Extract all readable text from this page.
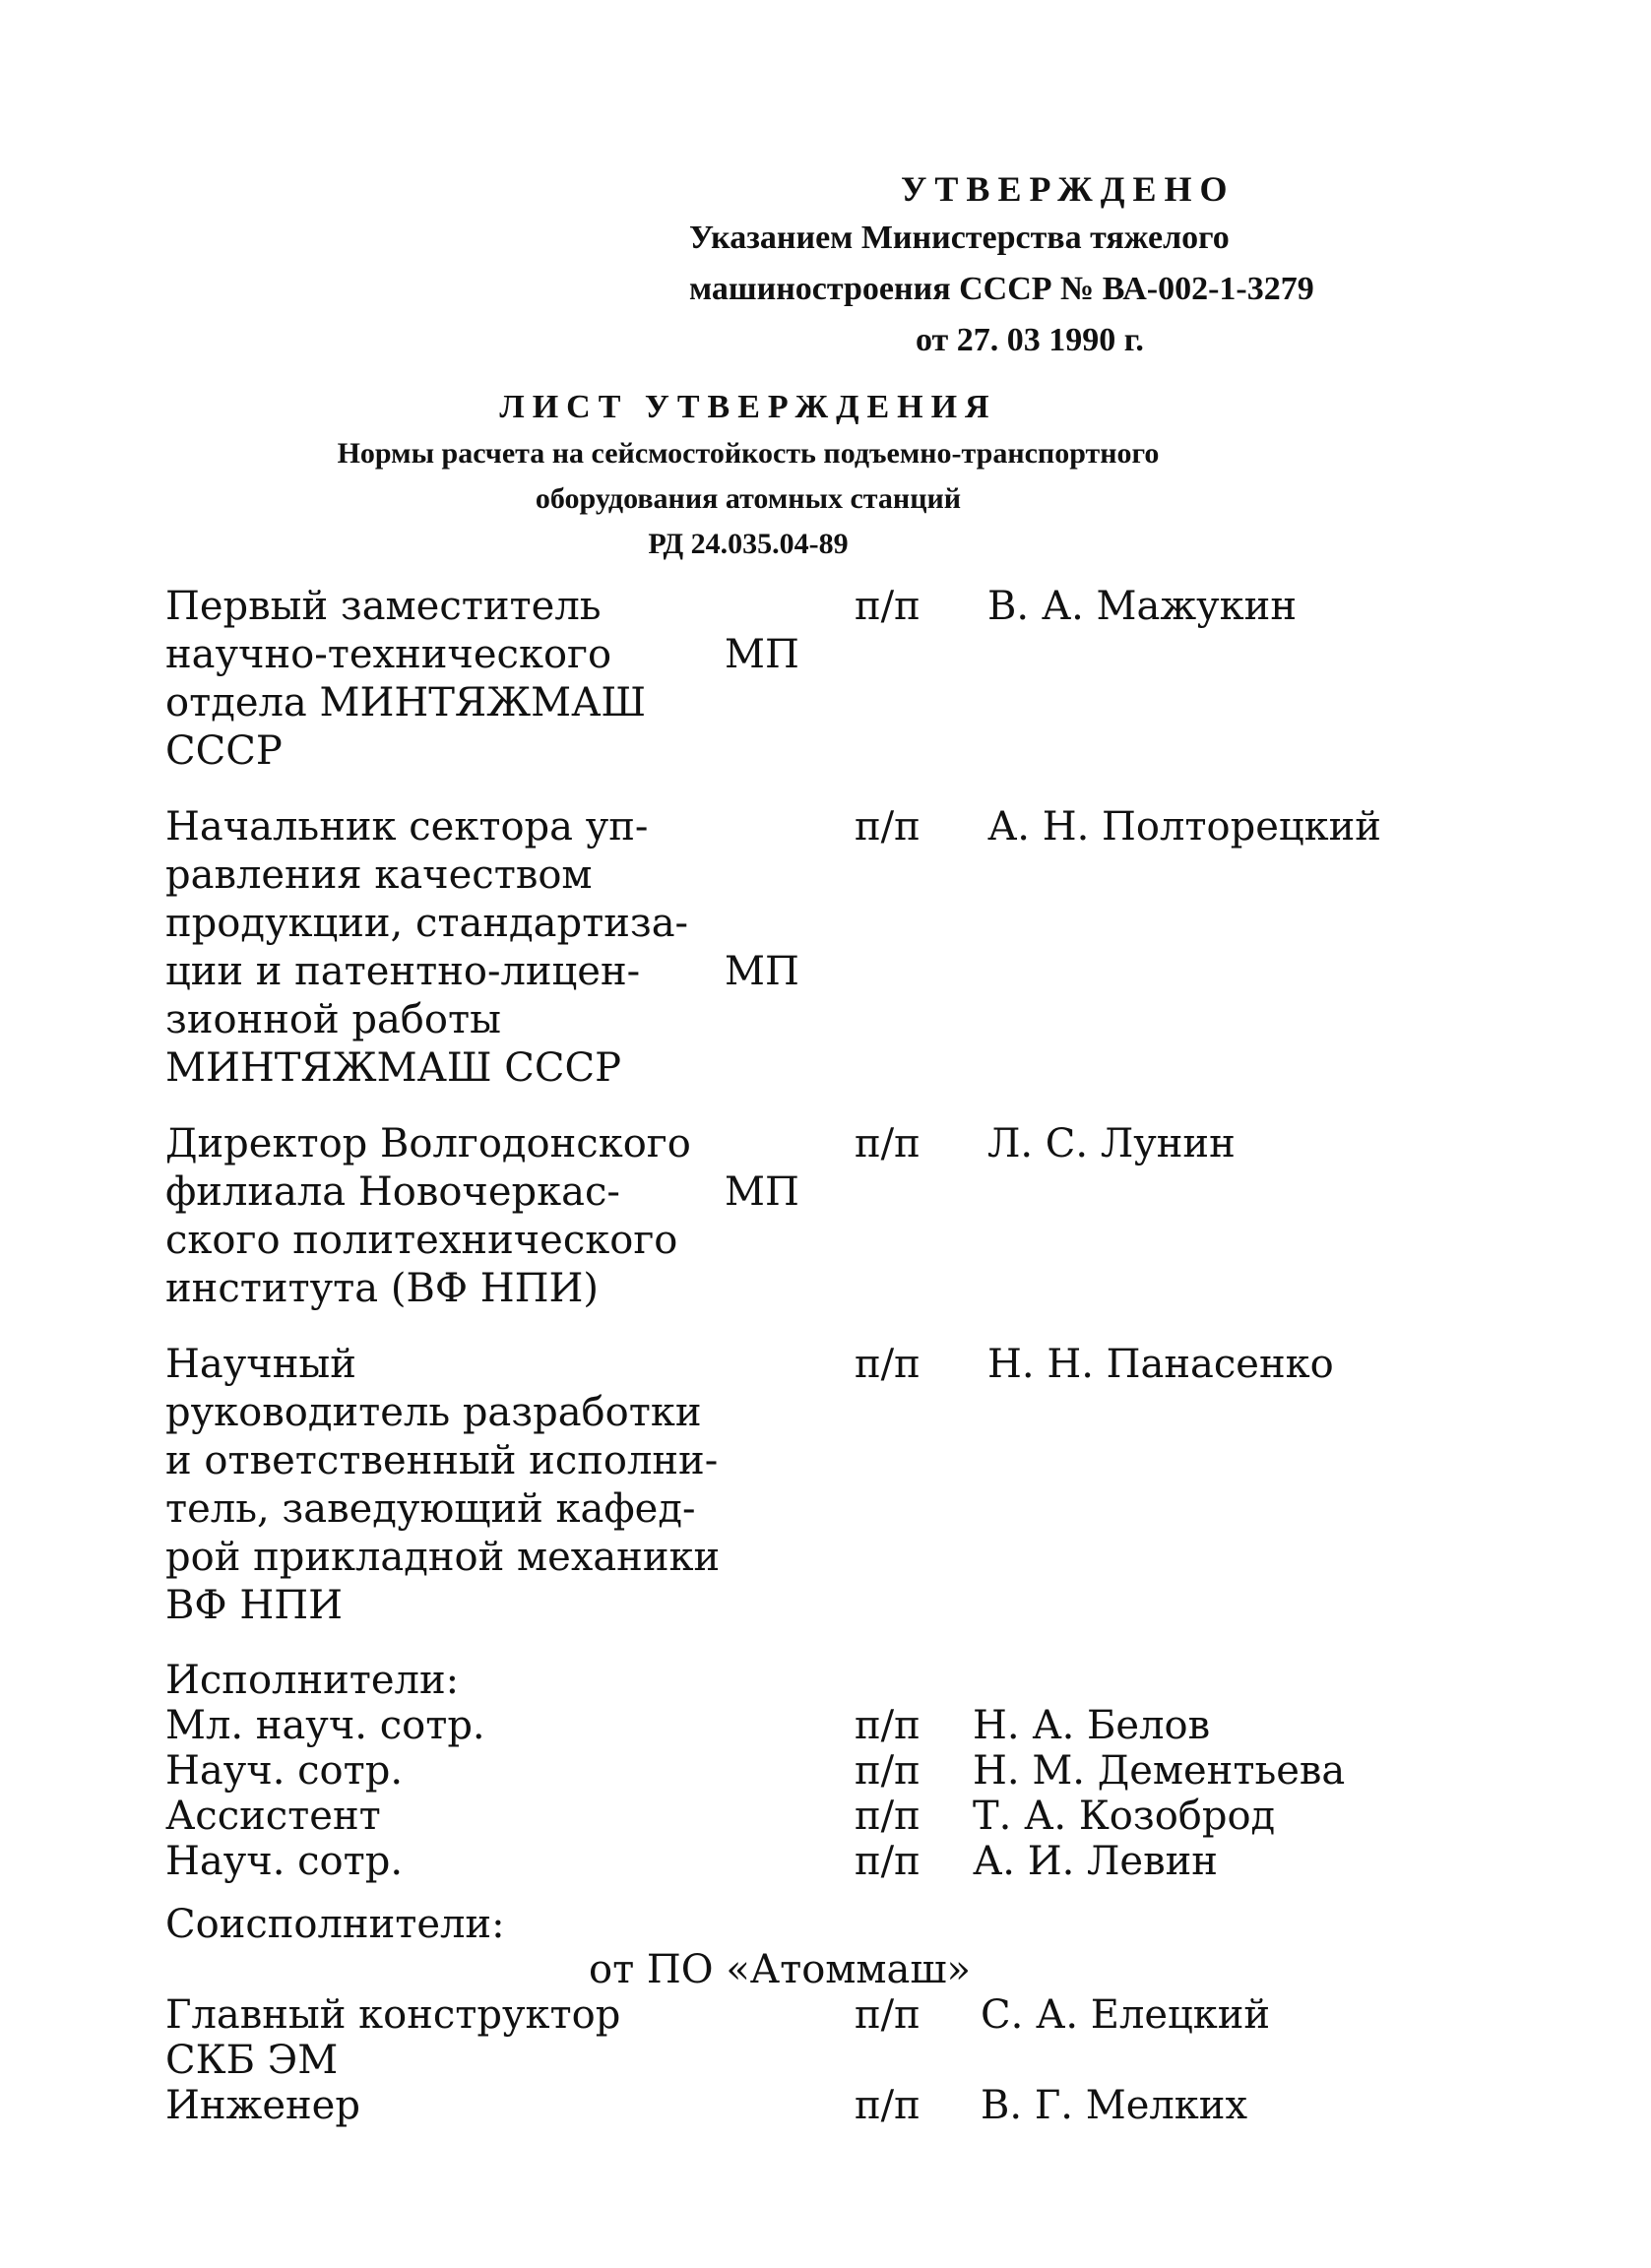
УТВЕРЖДЕНО
Указанием Министерства тяжелого
машиностроения СССР № ВА-002-1-3279
от 27. 03 1990 г.
ЛИСТ УТВЕРЖДЕНИЯ
Нормы расчета на сейсмостойкость подъемно-транспортного
оборудования атомных станций
РД 24.035.04-89
Первый заместитель
научно-технического
отдела МИНТЯЖМАШ
СССР
МП
п/п В. А. Мажукин
Начальник сектора уп-
равления качеством
продукции, стандартиза-
ции и патентно-лицен-
зионной работы
МИНТЯЖМАШ СССР
МП
п/п А. Н. Полторецкий
Директор Волгодонского
филиала Новочеркас-
ского политехнического
института (ВФ НПИ)
МП
п/п Л. С. Лунин
Научный
руководитель разработки
и ответственный исполни-
тель, заведующий кафед-
рой прикладной механики
ВФ НПИ
п/п Н. Н. Панасенко
Исполнители:
Мл. науч. сотр.	п/п Н. А. Белов
Науч. сотр.	п/п Н. М. Дементьева
Ассистент	п/п Т. А. Козоброд
Науч. сотр.	п/п А. И. Левин
Соисполнители:
от ПО «Атоммаш»
Главный конструктор	п/п С. А. Елецкий
СКБ ЭМ
Инженер	п/п В. Г. Мелких
